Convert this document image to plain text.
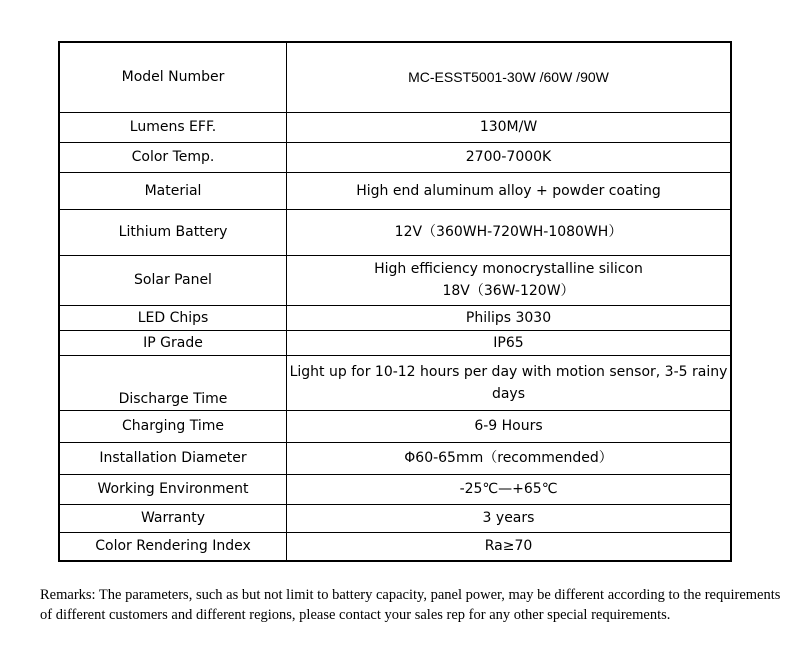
Model Number	MC-ESST5001-30W /60W /90W
Lumens EFF.	130M/W
Color Temp.	2700-7000K
Material	High end aluminum alloy + powder coating
Lithium Battery	12V（360WH-720WH-1080WH）
Solar Panel	High efficiency monocrystalline silicon
18V（36W-120W）

LED Chips	Philips 3030
IP Grade	IP65
Discharge Time	Light up for 10-12 hours per day with motion sensor, 3-5 rainy days
Charging Time	6-9 Hours
Installation Diameter	Φ60-65mm（recommended）
Working Environment	-25℃—+65℃
Warranty	3 years
Color Rendering Index	Ra≥70
Remarks: The parameters, such as but not limit to battery capacity, panel power, may be different according to the requirements of different customers and different regions, please contact your sales rep for any other special requirements.
